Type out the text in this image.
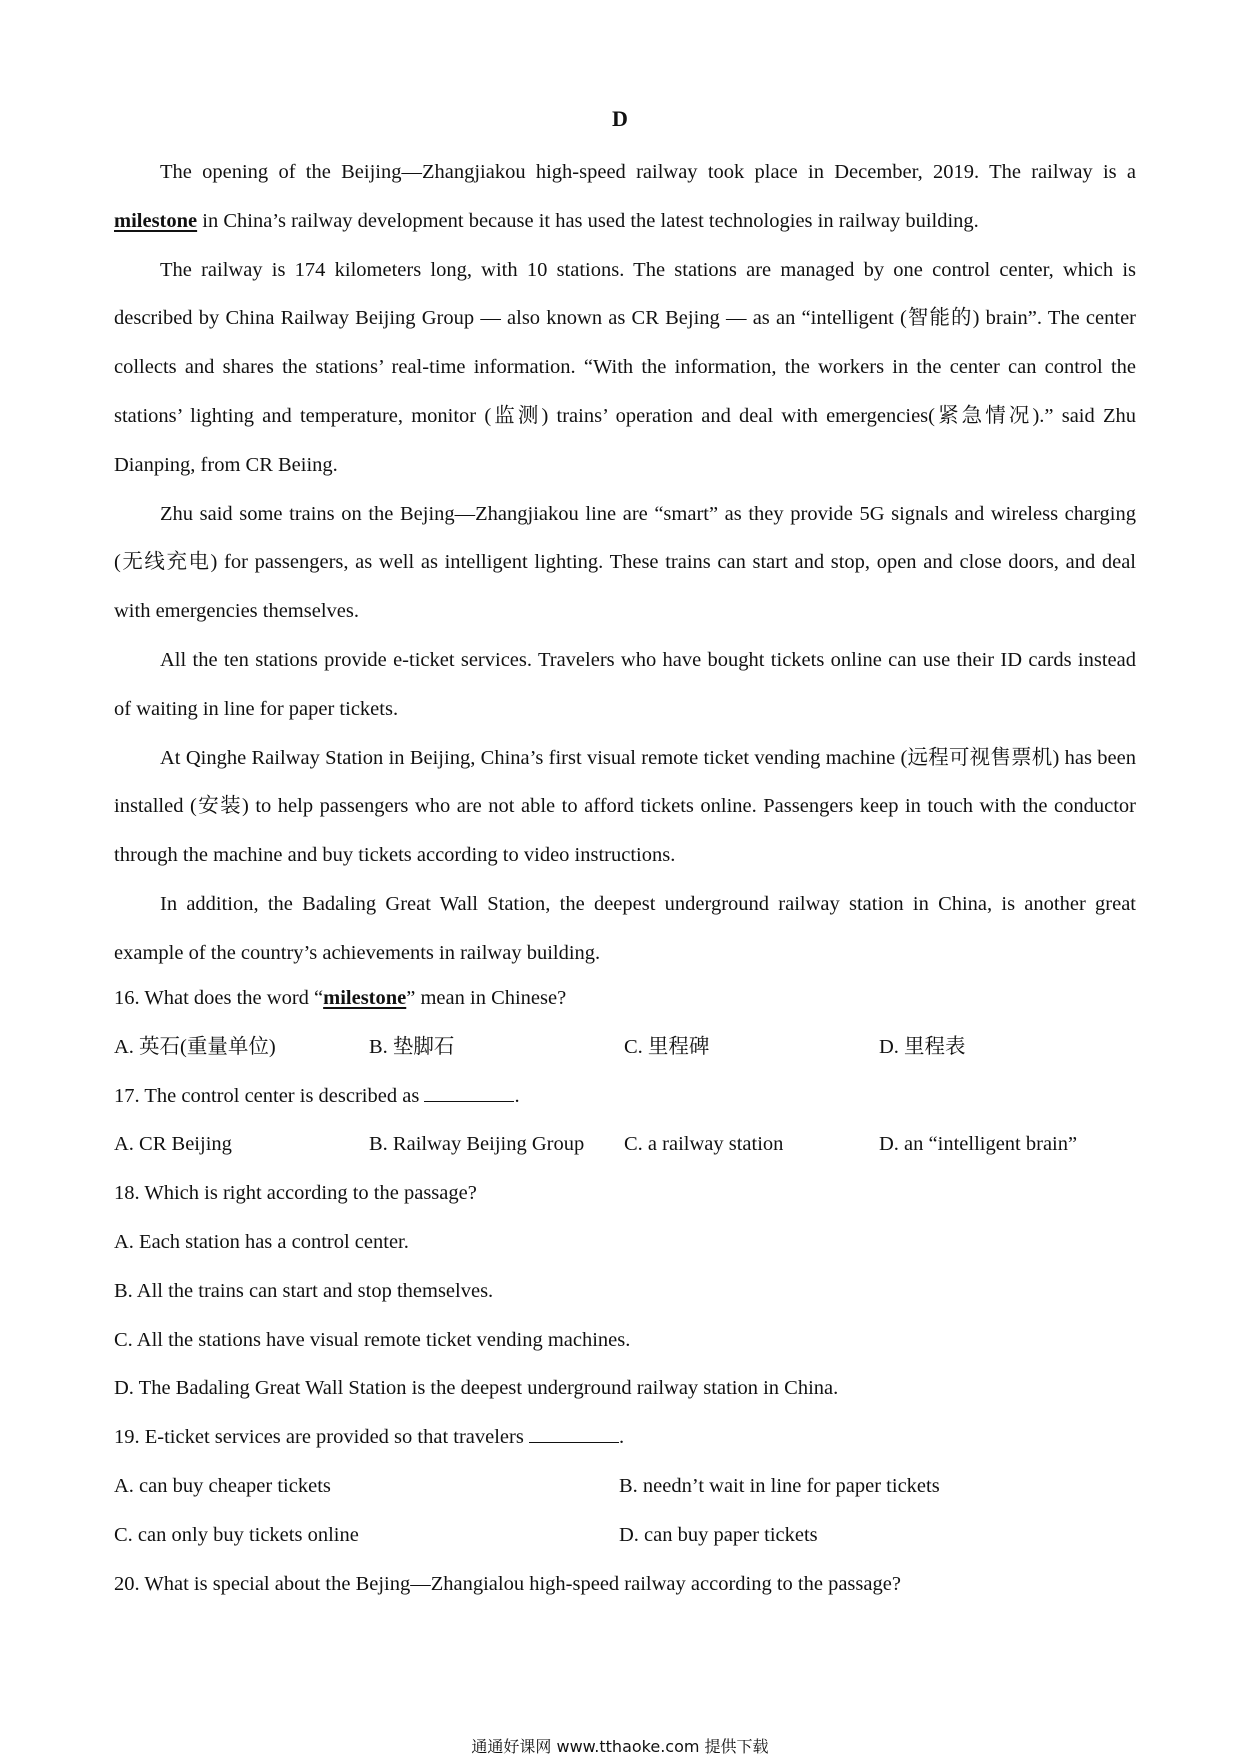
D

The opening of the Beijing—Zhangjiakou high-speed railway took place in December, 2019. The railway is a milestone in China’s railway development because it has used the latest technologies in railway building.

The railway is 174 kilometers long, with 10 stations. The stations are managed by one control center, which is described by China Railway Beijing Group — also known as CR Bejing — as an “intelligent (智能的) brain”. The center collects and shares the stations’ real-time information. “With the information, the workers in the center can control the stations’ lighting and temperature, monitor (监测) trains’ operation and deal with emergencies(紧急情况).” said Zhu Dianping, from CR Beiing.

Zhu said some trains on the Bejing—Zhangjiakou line are “smart” as they provide 5G signals and wireless charging (无线充电) for passengers, as well as intelligent lighting. These trains can start and stop, open and close doors, and deal with emergencies themselves.

All the ten stations provide e-ticket services. Travelers who have bought tickets online can use their ID cards instead of waiting in line for paper tickets.

At Qinghe Railway Station in Beijing, China’s first visual remote ticket vending machine (远程可视售票机) has been installed (安装) to help passengers who are not able to afford tickets online. Passengers keep in touch with the conductor through the machine and buy tickets according to video instructions.

In addition, the Badaling Great Wall Station, the deepest underground railway station in China, is another great example of the country’s achievements in railway building.

16. What does the word “milestone” mean in Chinese?

A. 英石(重量单位)	B. 垫脚石	C. 里程碑	D. 里程表

17. The control center is described as	.

A. CR Beijing	B. Railway Beijing Group	C. a railway station	D. an “intelligent brain”

18. Which is right according to the passage?

A. Each station has a control center.

B. All the trains can start and stop themselves.

C. All the stations have visual remote ticket vending machines.

D. The Badaling Great Wall Station is the deepest underground railway station in China.

19. E-ticket services are provided so that travelers	.

A. can buy cheaper tickets	B. needn’t wait in line for paper tickets
C. can only buy tickets online	D. can buy paper tickets

20. What is special about the Bejing—Zhangialou high-speed railway according to the passage?

通通好课网 www.tthaoke.com 提供下载
